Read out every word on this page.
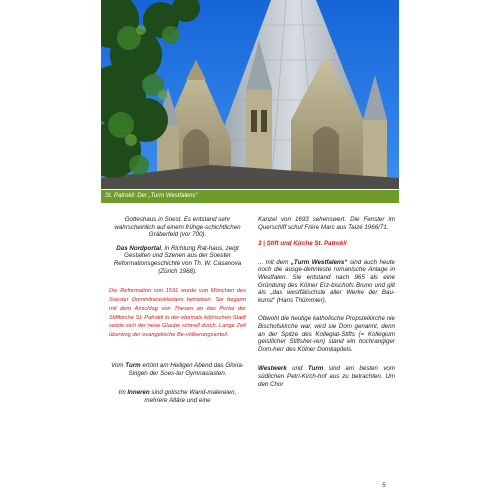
St. Patrokli: Der „Turm Westfalens“

Gotteshaus in Soest. Es entstand sehr wahrscheinlich auf einem frühge-schichtlichen Gräberfeld (vor 700).

Das Nordportal, in Richtung Rat-haus, zeigt Gestalten und Szenen aus der Soester Reformationsgeschichte von Th. W. Casanova (Zürich 1968).

Die Reformation von 1531 wurde von Mönchen des Soester Dominikanerklosters betrieben. Sie begann mit dem Anschlag von Thesen an das Portal der Stiftkirche St. Patrokli in der ehemals kölnischen Stadt setzte sich der neue Glaube schnell durch. Lange Zeit überwog der evangelische Be-völkerungsanteil.

Vom Turm ertönt am Heiligen Abend das Gloria-Singen der Soes-ter Gymnasiasten.

Im Inneren sind gotische Wand-malereien, mehrere Altäre und eine

Kanzel von 1693 sehenswert. Die Fenster im Querschiff schuf Frère Marc aus Taizé 1966/71.

3 | Stift und Kirche St. Patrokli

... mit dem „Turm Westfalens“ sind auch heute noch die ausge-dehnteste romanische Anlage in Westfalen. Sie entstand nach 965 als eine Gründung des Kölner Erz-bischofs Bruno und gilt als „das westfälischste aller Werke der Bau-kunst“ (Hans Thümmler).

Obwohl die heutige katholische Propsteikirche nie Bischofskirche war, wird sie Dom genannt, denn an der Spitze des Kollegiat-Stifts (= Kollegium geistlicher Stiftsher-ren) stand ein hochrangiger Dom-herr des Kölner Domkapitels.

Westwerk und Turm sind am besten vom südlichen Petri-Kirch-hof aus zu betrachten. Um den Chor

5
